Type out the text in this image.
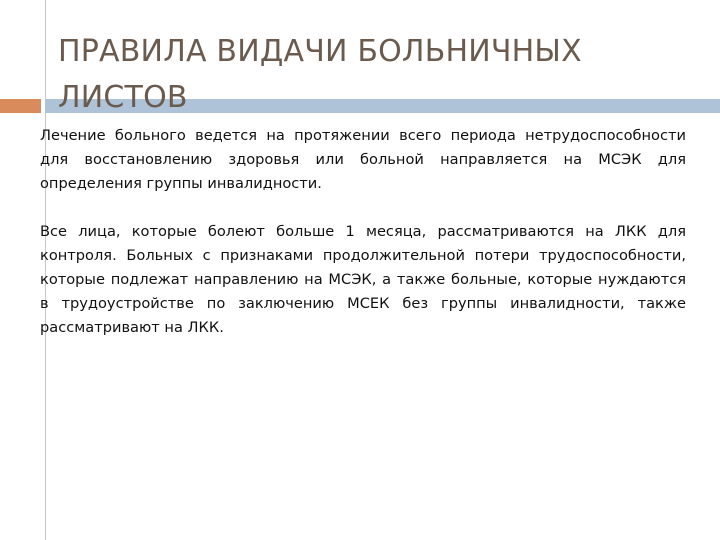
ПРАВИЛА ВИДАЧИ БОЛЬНИЧНЫХ ЛИСТОВ

Лечение больного ведется на протяжении всего периода нетрудоспособности для восстановлению здоровья или больной направляется на МСЭК для определения группы инвалидности.

Все лица, которые болеют больше 1 месяца, рассматриваются на ЛКК для контроля. Больных с признаками продолжительной потери трудоспособности, которые подлежат направлению на МСЭК, а также больные, которые нуждаются в трудоустройстве по заключению МСЕК без группы инвалидности, также рассматривают на ЛКК.
